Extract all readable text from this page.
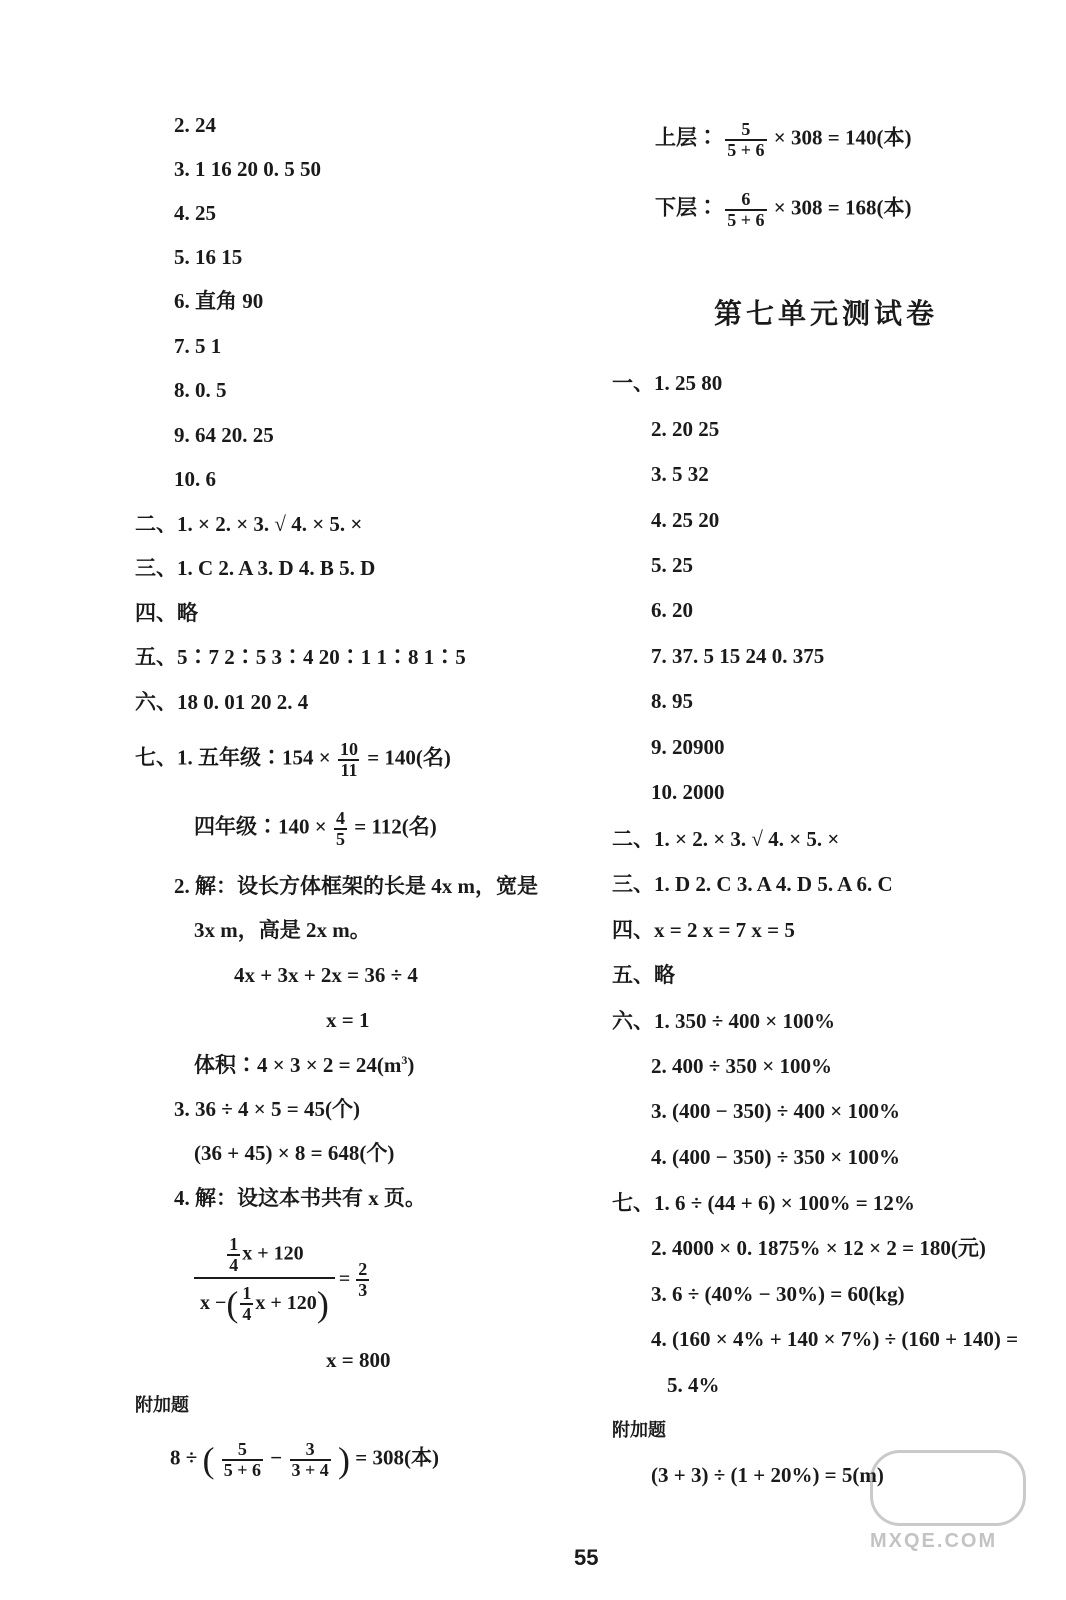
2. 24
3. 1 16 20 0. 5 50
4. 25
5. 16 15
6. 直角 90
7. 5 1
8. 0. 5
9. 64 20. 25
10. 6
二、1. × 2. × 3. √ 4. × 5. ×
三、1. C 2. A 3. D 4. B 5. D
四、略
五、5∶7 2∶5 3∶4 20∶1 1∶8 1∶5
六、18 0. 01 20 2. 4
七、1. 五年级∶154 × $\frac{10}{11} = 140$(名)
四年级∶140 × $\frac{4}{5} = 112$(名)
2. 解：设长方体框架的长是 4x m，宽是
3x m，高是 2x m。
4x + 3x + 2x = 36 ÷ 4
x = 1
体积∶4 × $3 \times 2 = 24(m^3)$
3. 36 ÷ 4 × 5 = 45(个)
(36 + 45) × 8 = 648(个)
4. 解：设这本书共有 x 页。
$\frac{1}{4}$ x + 120
x − ( 1
4 x + 120 ) = $\frac{2}{3}$
x = 800
附加题
8 ÷ ( $\frac{5}{5 + 6} - \frac{3}{3 + 4}$ ) = 308(本)
上层∶ $\frac{5}{5 + 6} \times 308 = 140$(本)
下层∶ $\frac{6}{5 + 6} \times 308 = 168$(本)
第七单元测试卷
一、1. 25 80
2. 20 25
3. 5 32
4. 25 20
5. 25
6. 20
7. 37. 5 15 24 0. 375
8. 95
9. 20900
10. 2000
二、1. × 2. × 3. √ 4. × 5. ×
三、1. D 2. C 3. A 4. D 5. A 6. C
四、x = 2 x = 7 x = 5
五、略
六、1. 350 ÷ 400 × 100%
2. 400 ÷ 350 × 100%
3. (400 − 350) ÷ 400 × 100%
4. (400 − 350) ÷ 350 × 100%
七、1. 6 ÷ (44 + 6) × 100% = 12%
2. 4000 × 0. 1875% × 12 × 2 = 180(元)
3. 6 ÷ (40% − 30%) = 60(kg)
4. (160 × 4% + 140 × 7%) ÷ (160 + 140) =
5. 4%
附加题
(3 + 3) ÷ (1 + 20%) = 5(m)
55
MXQE.COM
